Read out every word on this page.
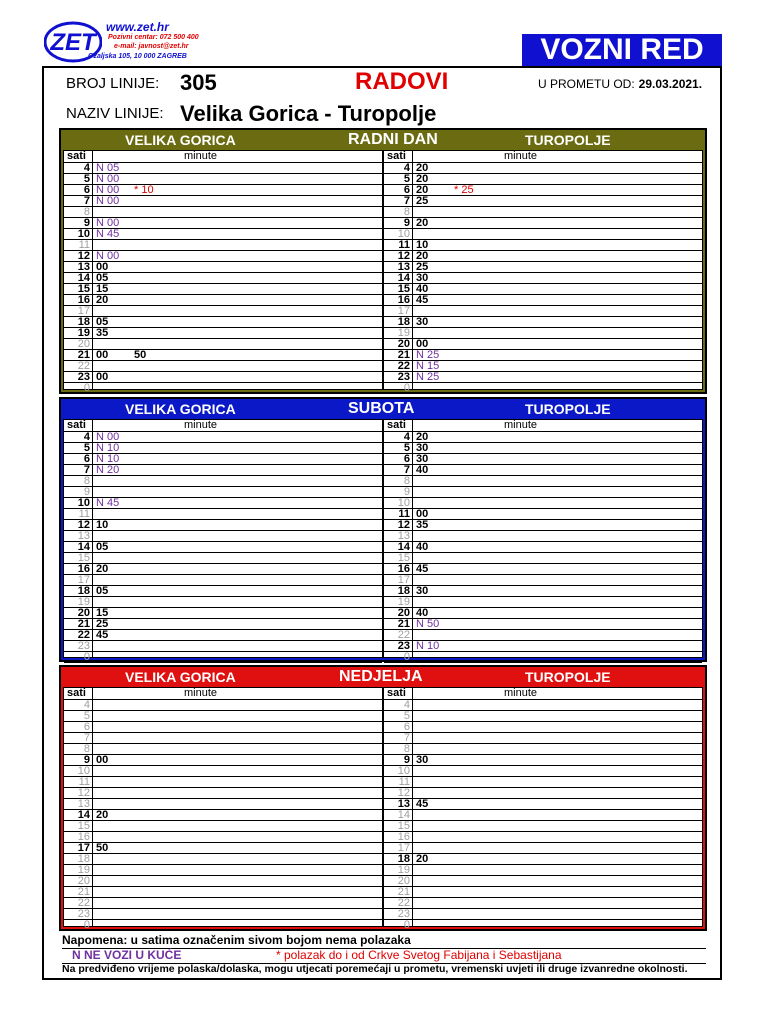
ZET
www.zet.hr
Pozivni centar: 072 500 400
e-mail: javnost@zet.hr
Ozaljska 105, 10 000 ZAGREB	VOZNI RED
BROJ LINIJE: 305	RADOVI	U PROMETU OD: 29.03.2021.
NAZIV LINIJE: Velika Gorica - Turopolje
VELIKA GORICA	RADNI DAN	TUROPOLJE
sati	minute
4 N 05
5 N 00
6 N 00 * 10
7 N 00
8
9 N 00
10 N 45
11
12 N 00
13 00
14 05
15 15
16 20
17
18 05
19 35
20
21 00 50
22
23 00
0
sati	minute
4 20
5 20
6 20 * 25
7 25
8
9 20
10
11 10
12 20
13 25
14 30
15 40
16 45
17
18 30
19
20 00
21 N 25
22 N 15
23 N 25
0
VELIKA GORICA	SUBOTA	TUROPOLJE
sati	minute
4 N 00
5 N 10
6 N 10
7 N 20
8
9
10 N 45
11
12 10
13
14 05
15
16 20
17
18 05
19
20 15
21 25
22 45
23
0
sati	minute
4 20
5 30
6 30
7 40
8
9
10
11 00
12 35
13
14 40
15
16 45
17
18 30
19
20 40
21 N 50
22
23 N 10
0
VELIKA GORICA	NEDJELJA	TUROPOLJE
sati	minute
4
5
6
7
8
9 00
10
11
12
13
14 20
15
16
17 50
18
19
20
21
22
23
0
sati	minute
4
5
6
7
8
9 30
10
11
12
13 45
14
15
16
17
18 20
19
20
21
22
23
0
Napomena: u satima označenim sivom bojom nema polazaka
N NE VOZI U KUĆE	* polazak do i od Crkve Svetog Fabijana i Sebastijana
Na predviđeno vrijeme polaska/dolaska, mogu utjecati poremećaji u prometu, vremenski uvjeti ili druge izvanredne okolnosti.
